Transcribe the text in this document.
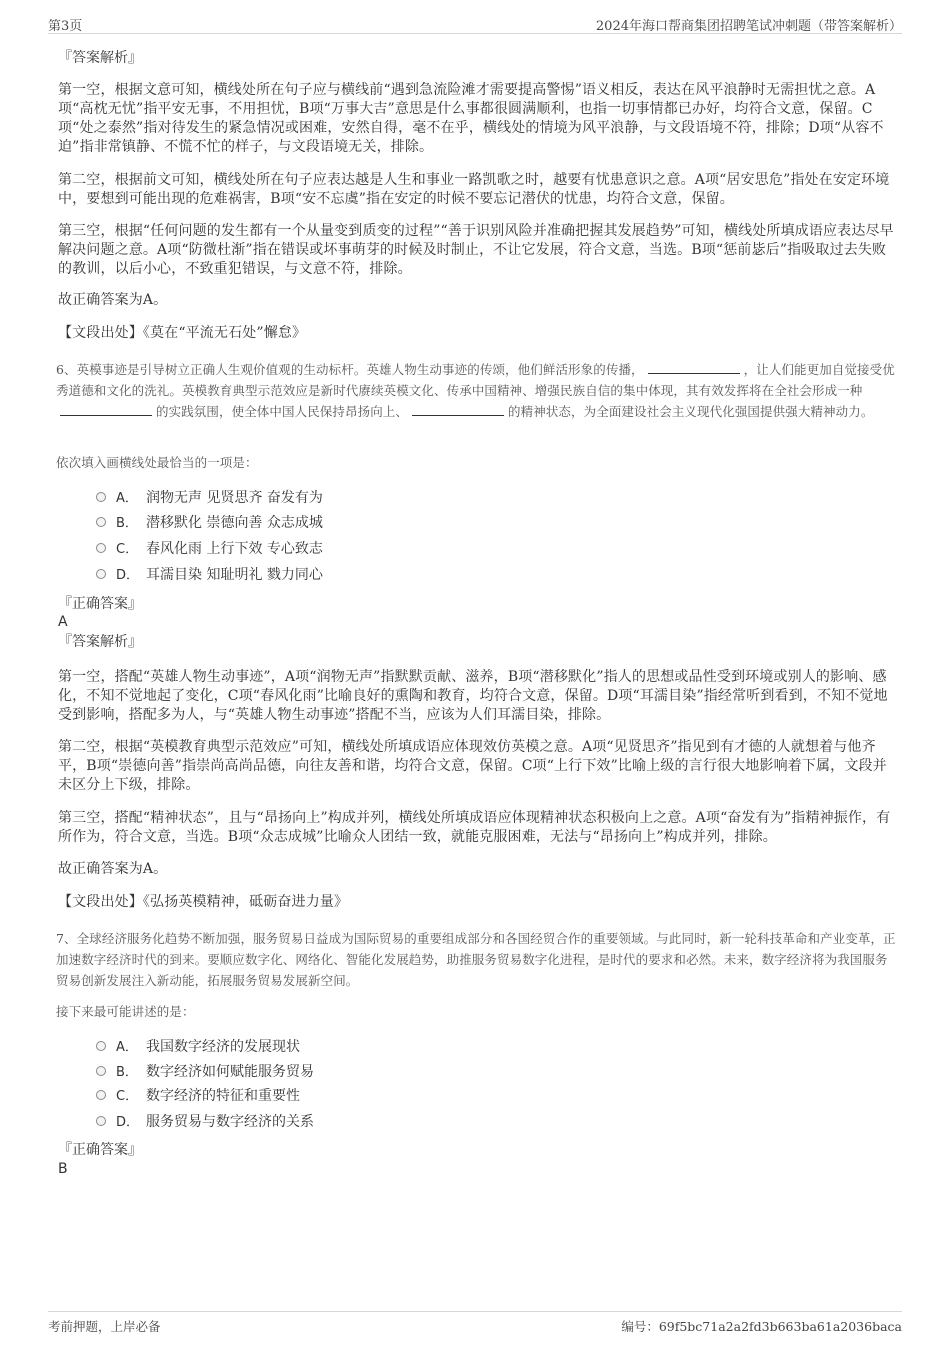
第3页	2024年海口帮商集团招聘笔试冲刺题（带答案解析）
『答案解析』
第一空，根据文意可知，横线处所在句子应与横线前“遇到急流险滩才需要提高警惕”语义相反，表达在风平浪静时无需担忧之意。A项“高枕无忧”指平安无事，不用担忧，B项“万事大吉”意思是什么事都很圆满顺利，也指一切事情都已办好，均符合文意，保留。C项“处之泰然”指对待发生的紧急情况或困难，安然自得，毫不在乎，横线处的情境为风平浪静，与文段语境不符，排除；D项“从容不迫”指非常镇静、不慌不忙的样子，与文段语境无关，排除。
第二空，根据前文可知，横线处所在句子应表达越是人生和事业一路凯歌之时，越要有忧患意识之意。A项“居安思危”指处在安定环境中，要想到可能出现的危难祸害，B项“安不忘虞”指在安定的时候不要忘记潜伏的忧患，均符合文意，保留。
第三空，根据“任何问题的发生都有一个从量变到质变的过程”“善于识别风险并准确把握其发展趋势”可知，横线处所填成语应表达尽早解决问题之意。A项“防微杜渐”指在错误或坏事萌芽的时候及时制止，不让它发展，符合文意，当选。B项“惩前毖后”指吸取过去失败的教训，以后小心，不致重犯错误，与文意不符，排除。
故正确答案为A。
【文段出处】《莫在“平流无石处”懈怠》
6、英模事迹是引导树立正确人生观价值观的生动标杆。英雄人物生动事迹的传颂，他们鲜活形象的传播，	，让人们能更加自觉接受优秀道德和文化的洗礼。英模教育典型示范效应是新时代赓续英模文化、传承中国精神、增强民族自信的集中体现，其有效发挥将在全社会形成一种的实践氛围，使全体中国人民保持昂扬向上、	的精神状态，为全面建设社会主义现代化强国提供强大精神动力。
依次填入画横线处最恰当的一项是：
A． 润物无声 见贤思齐 奋发有为
B． 潜移默化 崇德向善 众志成城
C． 春风化雨 上行下效 专心致志
D． 耳濡目染 知耻明礼 戮力同心
『正确答案』
A
『答案解析』
第一空，搭配“英雄人物生动事迹”，A项“润物无声”指默默贡献、滋养，B项“潜移默化”指人的思想或品性受到环境或别人的影响、感化，不知不觉地起了变化，C项“春风化雨”比喻良好的熏陶和教育，均符合文意，保留。D项“耳濡目染”指经常听到看到，不知不觉地受到影响，搭配多为人，与“英雄人物生动事迹”搭配不当，应该为人们耳濡目染，排除。
第二空，根据“英模教育典型示范效应”可知，横线处所填成语应体现效仿英模之意。A项“见贤思齐”指见到有才德的人就想着与他齐平，B项“崇德向善”指崇尚高尚品德，向往友善和谐，均符合文意，保留。C项“上行下效”比喻上级的言行很大地影响着下属，文段并未区分上下级，排除。
第三空，搭配“精神状态”，且与“昂扬向上”构成并列，横线处所填成语应体现精神状态积极向上之意。A项“奋发有为”指精神振作，有所作为，符合文意，当选。B项“众志成城”比喻众人团结一致，就能克服困难，无法与“昂扬向上”构成并列，排除。
故正确答案为A。
【文段出处】《弘扬英模精神，砥砺奋进力量》
7、全球经济服务化趋势不断加强，服务贸易日益成为国际贸易的重要组成部分和各国经贸合作的重要领域。与此同时，新一轮科技革命和产业变革，正加速数字经济时代的到来。要顺应数字化、网络化、智能化发展趋势，助推服务贸易数字化进程，是时代的要求和必然。未来，数字经济将为我国服务贸易创新发展注入新动能，拓展服务贸易发展新空间。
接下来最可能讲述的是：
A． 我国数字经济的发展现状
B． 数字经济如何赋能服务贸易
C． 数字经济的特征和重要性
D． 服务贸易与数字经济的关系
『正确答案』
B
考前押题，上岸必备	编号：69f5bc71a2a2fd3b663ba61a2036baca
